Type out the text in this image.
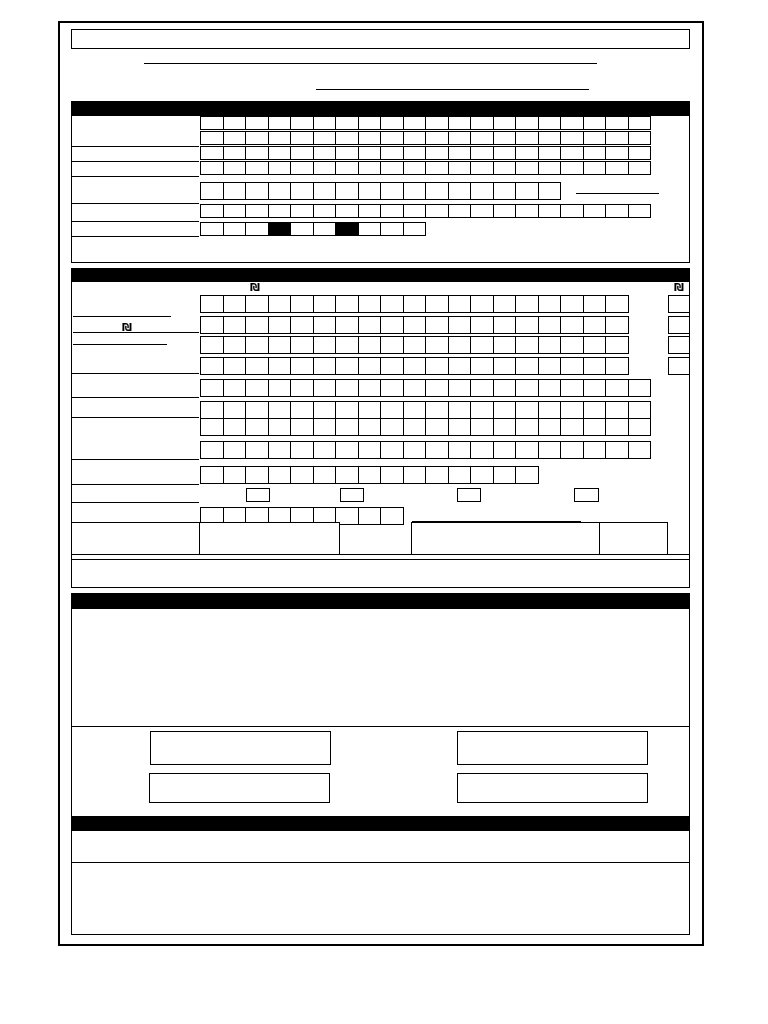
₪	₪
₪
